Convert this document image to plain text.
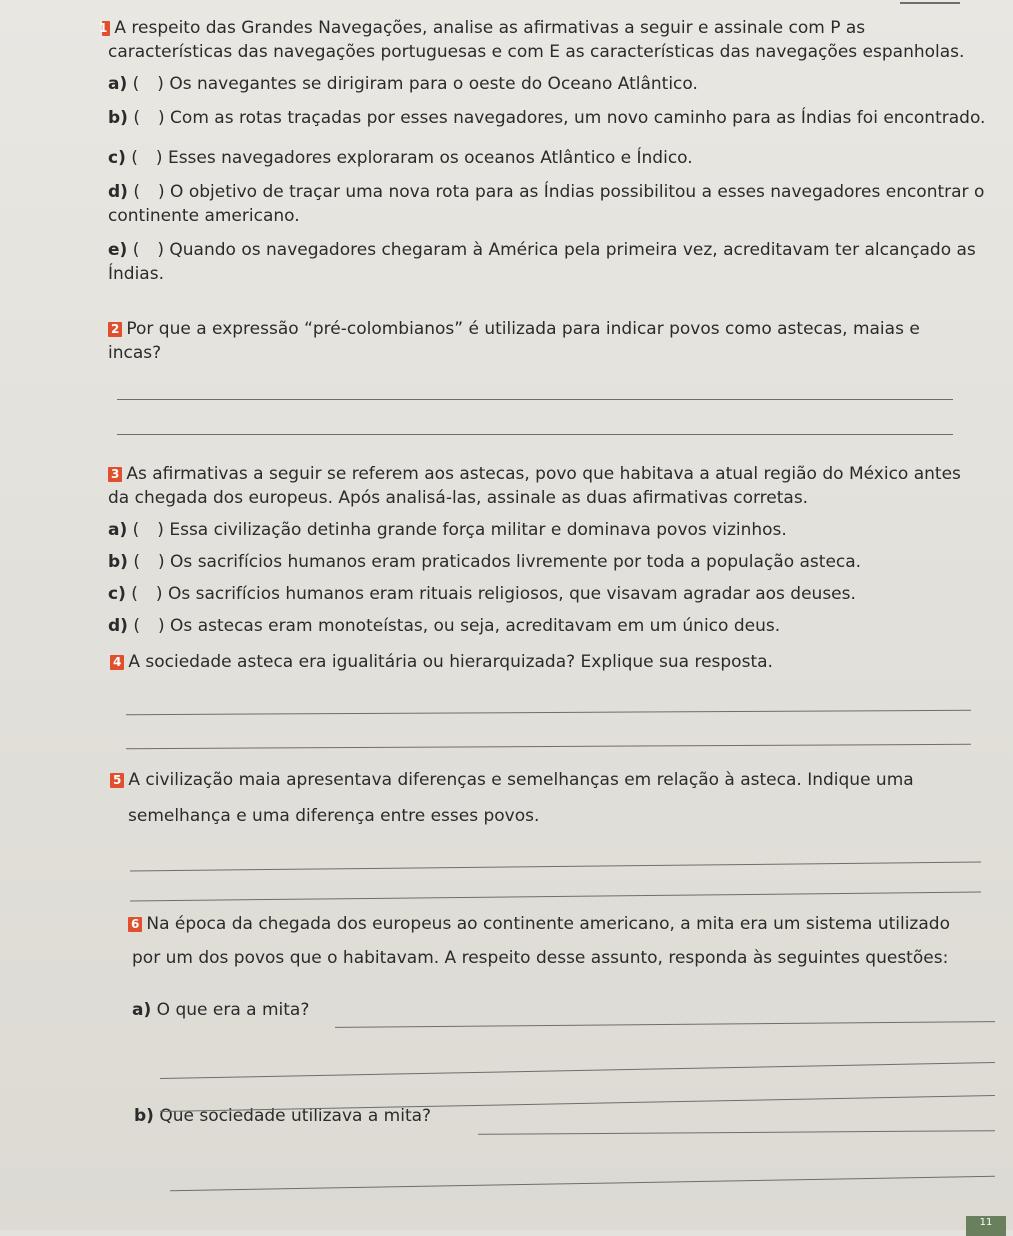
1 A respeito das Grandes Navegações, analise as afirmativas a seguir e assinale com P as características das navegações portuguesas e com E as características das navegações espanholas.
a) ( ) Os navegantes se dirigiram para o oeste do Oceano Atlântico.
b) ( ) Com as rotas traçadas por esses navegadores, um novo caminho para as Índias foi encontrado.
c) ( ) Esses navegadores exploraram os oceanos Atlântico e Índico.
d) ( ) O objetivo de traçar uma nova rota para as Índias possibilitou a esses navegadores encontrar o continente americano.
e) ( ) Quando os navegadores chegaram à América pela primeira vez, acreditavam ter alcançado as Índias.
2 Por que a expressão “pré-colombianos” é utilizada para indicar povos como astecas, maias e incas?
3 As afirmativas a seguir se referem aos astecas, povo que habitava a atual região do México antes da chegada dos europeus. Após analisá-las, assinale as duas afirmativas corretas.
a) ( ) Essa civilização detinha grande força militar e dominava povos vizinhos.
b) ( ) Os sacrifícios humanos eram praticados livremente por toda a população asteca.
c) ( ) Os sacrifícios humanos eram rituais religiosos, que visavam agradar aos deuses.
d) ( ) Os astecas eram monoteístas, ou seja, acreditavam em um único deus.
4 A sociedade asteca era igualitária ou hierarquizada? Explique sua resposta.
5 A civilização maia apresentava diferenças e semelhanças em relação à asteca. Indique uma
semelhança e uma diferença entre esses povos.
6 Na época da chegada dos europeus ao continente americano, a mita era um sistema utilizado
por um dos povos que o habitavam. A respeito desse assunto, responda às seguintes questões:
a) O que era a mita?
b) Que sociedade utilizava a mita?
11
